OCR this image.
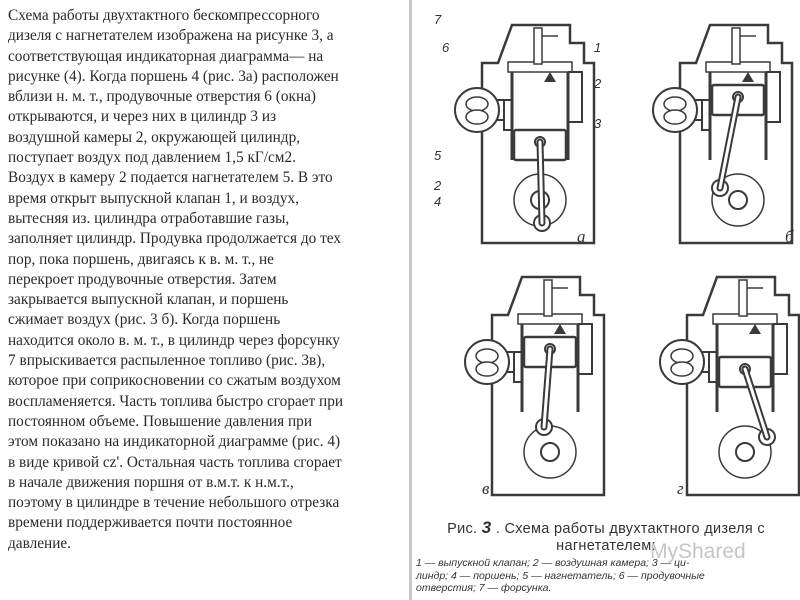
Схема работы двухтактного бескомпрессорного

дизеля с нагнетателем изображена на рисунке 3, а

соответствующая индикаторная диаграмма— на

рисунке (4). Когда поршень 4 (рис. 3а) расположен

вблизи н. м. т., продувочные отверстия 6 (окна)

открываются, и через них в цилиндр 3 из

воздушной камеры 2, окружающей цилиндр,

поступает воздух под давлением 1,5 кГ/см2.

Воздух в камеру 2 подается нагнетателем 5. В это

время открыт выпускной клапан 1, и воздух,

вытесняя из. цилиндра отработавшие газы,

заполняет цилиндр. Продувка продолжается до тех

пор, пока поршень, двигаясь к в. м. т., не

перекроет продувочные отверстия. Затем

закрывается выпускной клапан, и поршень

сжимает воздух (рис. 3 б). Когда поршень

находится около в. м. т., в цилиндр через форсунку

7 впрыскивается распыленное топливо (рис. 3в),

которое при соприкосновении со сжатым воздухом

воспламеняется. Часть топлива быстро сгорает при

постоянном объеме. Повышение давления при

этом показано на индикаторной диаграмме (рис. 4)

в виде кривой cz'. Остальная часть топлива сгорает

в начале движения поршня от в.м.т. к н.м.т.,

поэтому в цилиндре в течение небольшого отрезка

времени поддерживается почти постоянное

давление.

а	б
в	г
7
6	1
2
3
5
2
4
Рис. 3 . Схема работы двухтактного дизеля с нагнетателем:
1 — выпускной клапан; 2 — воздушная камера; 3 — ци-
линдр; 4 — поршень; 5 — нагнетатель; 6 — продувочные
отверстия; 7 — форсунка.
MyShared
